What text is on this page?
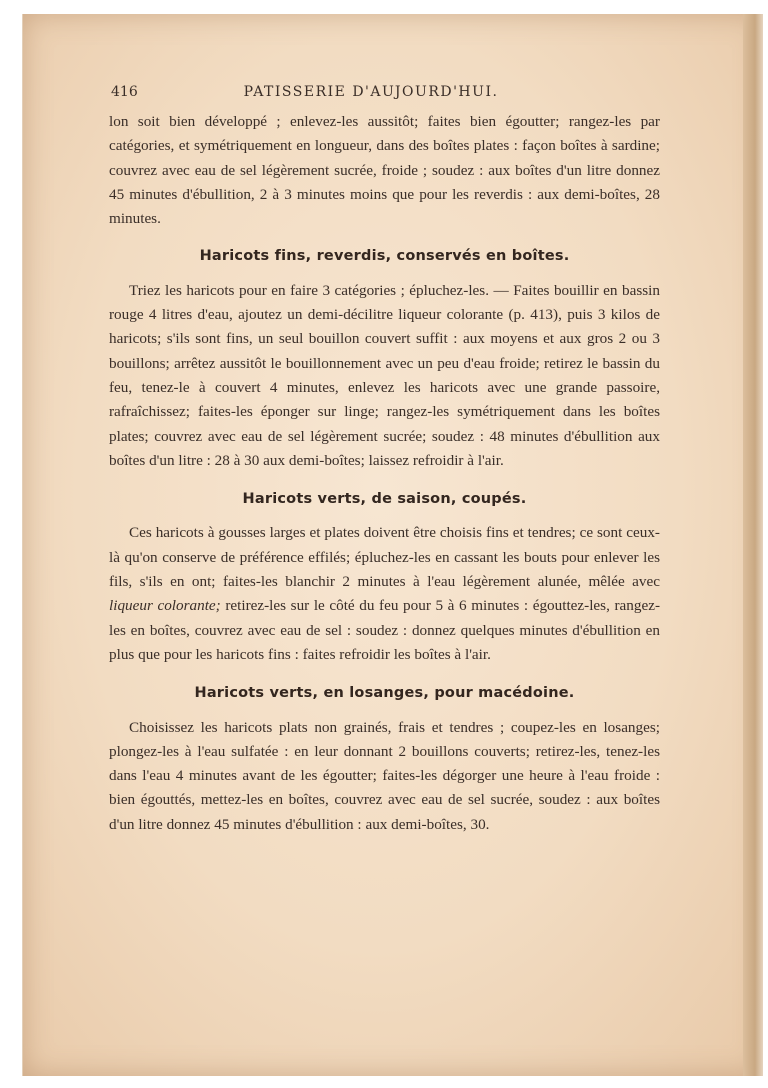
416	PATISSERIE D'AUJOURD'HUI.

lon soit bien développé ; enlevez-les aussitôt; faites bien égoutter; rangez-les par catégories, et symétriquement en longueur, dans des boîtes plates : façon boîtes à sardine; couvrez avec eau de sel légèrement sucrée, froide ; soudez : aux boîtes d'un litre donnez 45 minutes d'ébullition, 2 à 3 minutes moins que pour les reverdis : aux demi-boîtes, 28 minutes.

Haricots fins, reverdis, conservés en boîtes.

Triez les haricots pour en faire 3 catégories ; épluchez-les. — Faites bouillir en bassin rouge 4 litres d'eau, ajoutez un demi-décilitre liqueur colorante (p. 413), puis 3 kilos de haricots; s'ils sont fins, un seul bouillon couvert suffit : aux moyens et aux gros 2 ou 3 bouillons; arrêtez aussitôt le bouillonnement avec un peu d'eau froide; retirez le bassin du feu, tenez-le à couvert 4 minutes, enlevez les haricots avec une grande passoire, rafraîchissez; faites-les éponger sur linge; rangez-les symétriquement dans les boîtes plates; couvrez avec eau de sel légèrement sucrée; soudez : 48 minutes d'ébullition aux boîtes d'un litre : 28 à 30 aux demi-boîtes; laissez refroidir à l'air.

Haricots verts, de saison, coupés.

Ces haricots à gousses larges et plates doivent être choisis fins et tendres; ce sont ceux-là qu'on conserve de préférence effilés; épluchez-les en cassant les bouts pour enlever les fils, s'ils en ont; faites-les blanchir 2 minutes à l'eau légèrement alunée, mêlée avec liqueur colorante; retirez-les sur le côté du feu pour 5 à 6 minutes : égouttez-les, rangez-les en boîtes, couvrez avec eau de sel : soudez : donnez quelques minutes d'ébullition en plus que pour les haricots fins : faites refroidir les boîtes à l'air.

Haricots verts, en losanges, pour macédoine.

Choisissez les haricots plats non grainés, frais et tendres ; coupez-les en losanges; plongez-les à l'eau sulfatée : en leur donnant 2 bouillons couverts; retirez-les, tenez-les dans l'eau 4 minutes avant de les égoutter; faites-les dégorger une heure à l'eau froide : bien égouttés, mettez-les en boîtes, couvrez avec eau de sel sucrée, soudez : aux boîtes d'un litre donnez 45 minutes d'ébullition : aux demi-boîtes, 30.
